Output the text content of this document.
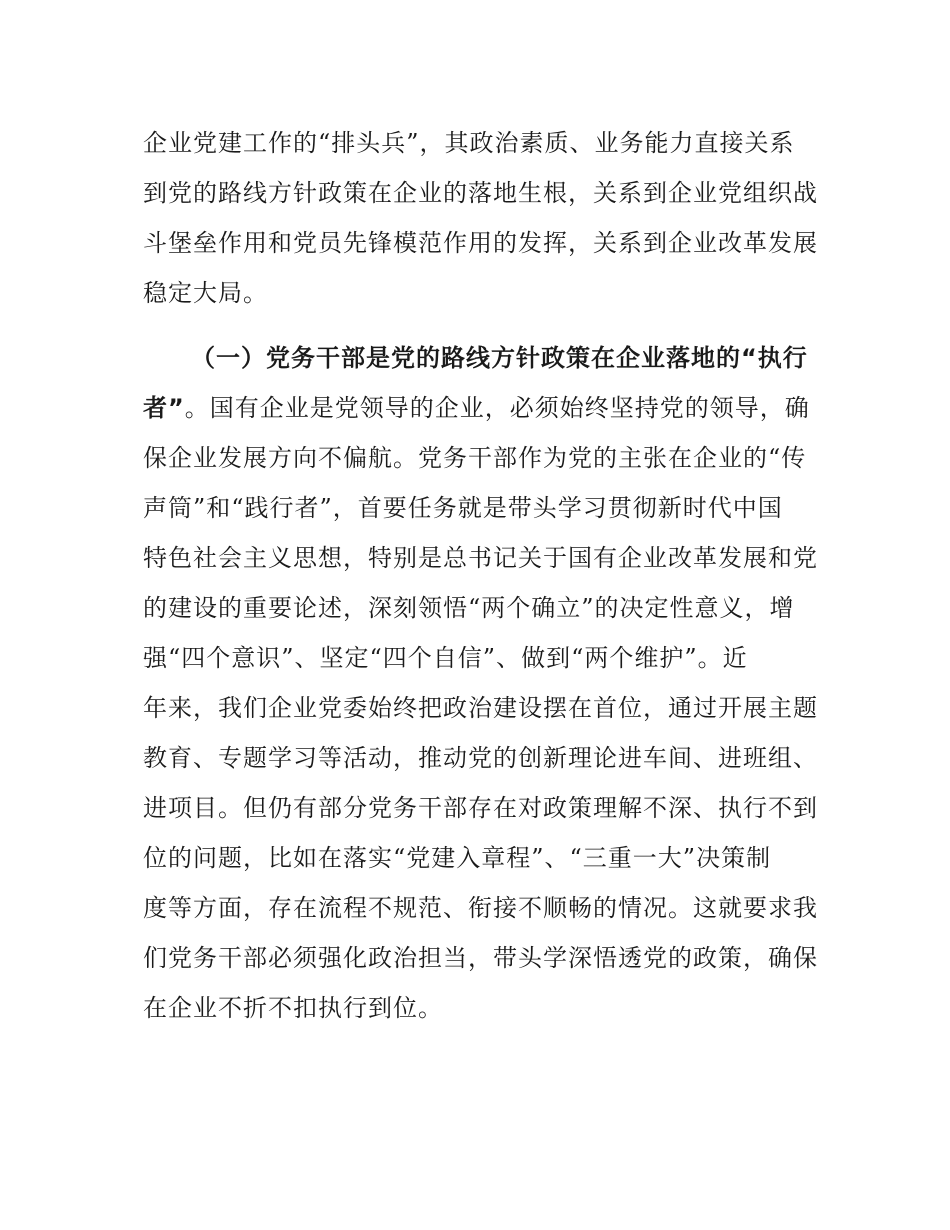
企业党建工作的“排头兵”，其政治素质、业务能力直接关系
到党的路线方针政策在企业的落地生根，关系到企业党组织战
斗堡垒作用和党员先锋模范作用的发挥，关系到企业改革发展
稳定大局。
（一）党务干部是党的路线方针政策在企业落地的“执行
者”。国有企业是党领导的企业，必须始终坚持党的领导，确
保企业发展方向不偏航。党务干部作为党的主张在企业的“传
声筒”和“践行者”，首要任务就是带头学习贯彻新时代中国
特色社会主义思想，特别是总书记关于国有企业改革发展和党
的建设的重要论述，深刻领悟“两个确立”的决定性意义，增
强“四个意识”、坚定“四个自信”、做到“两个维护”。近
年来，我们企业党委始终把政治建设摆在首位，通过开展主题
教育、专题学习等活动，推动党的创新理论进车间、进班组、
进项目。但仍有部分党务干部存在对政策理解不深、执行不到
位的问题，比如在落实“党建入章程”、“三重一大”决策制
度等方面，存在流程不规范、衔接不顺畅的情况。这就要求我
们党务干部必须强化政治担当，带头学深悟透党的政策，确保
在企业不折不扣执行到位。
